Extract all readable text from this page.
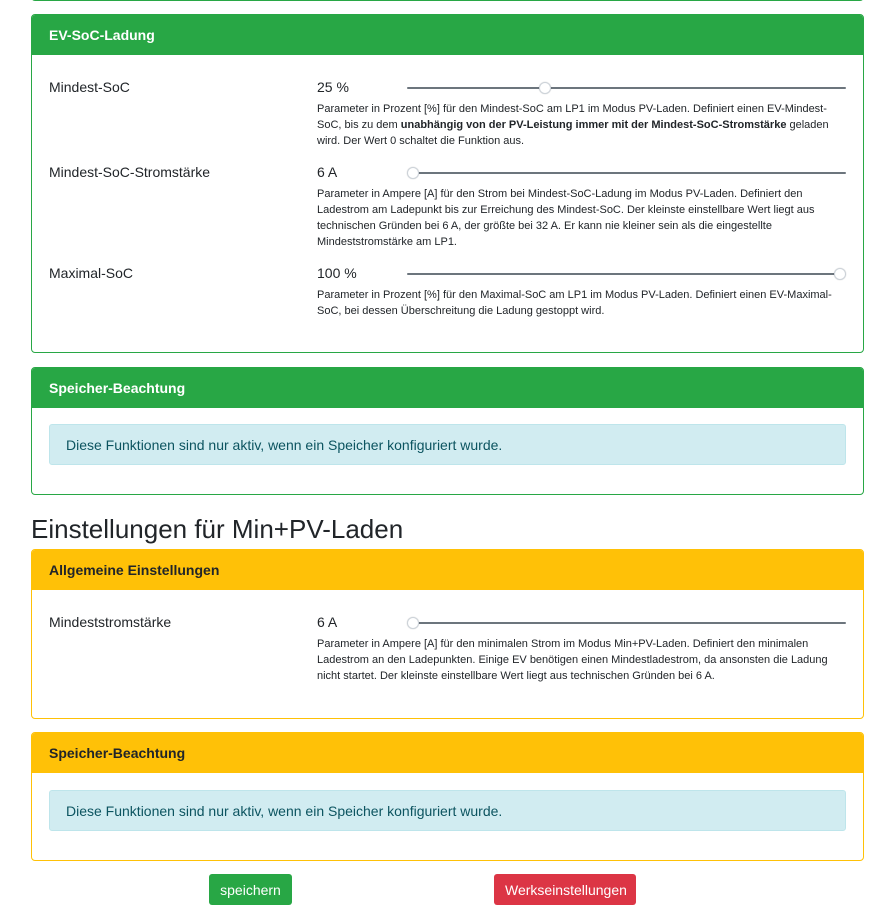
EV-SoC-Ladung
Mindest-SoC	25 %
Parameter in Prozent [%] für den Mindest-SoC am LP1 im Modus PV-Laden. Definiert einen EV-Mindest-SoC, bis zu dem unabhängig von der PV-Leistung immer mit der Mindest-SoC-Stromstärke geladen wird. Der Wert 0 schaltet die Funktion aus.
Mindest-SoC-Stromstärke	6 A
Parameter in Ampere [A] für den Strom bei Mindest-SoC-Ladung im Modus PV-Laden. Definiert den Ladestrom am Ladepunkt bis zur Erreichung des Mindest-SoC. Der kleinste einstellbare Wert liegt aus technischen Gründen bei 6 A, der größte bei 32 A. Er kann nie kleiner sein als die eingestellte Mindeststromstärke am LP1.
Maximal-SoC	100 %
Parameter in Prozent [%] für den Maximal-SoC am LP1 im Modus PV-Laden. Definiert einen EV-Maximal-SoC, bei dessen Überschreitung die Ladung gestoppt wird.
Speicher-Beachtung
Diese Funktionen sind nur aktiv, wenn ein Speicher konfiguriert wurde.
Einstellungen für Min+PV-Laden
Allgemeine Einstellungen
Mindeststromstärke	6 A
Parameter in Ampere [A] für den minimalen Strom im Modus Min+PV-Laden. Definiert den minimalen Ladestrom an den Ladepunkten. Einige EV benötigen einen Mindestladestrom, da ansonsten die Ladung nicht startet. Der kleinste einstellbare Wert liegt aus technischen Gründen bei 6 A.
Speicher-Beachtung
Diese Funktionen sind nur aktiv, wenn ein Speicher konfiguriert wurde.
speichern	Werkseinstellungen
